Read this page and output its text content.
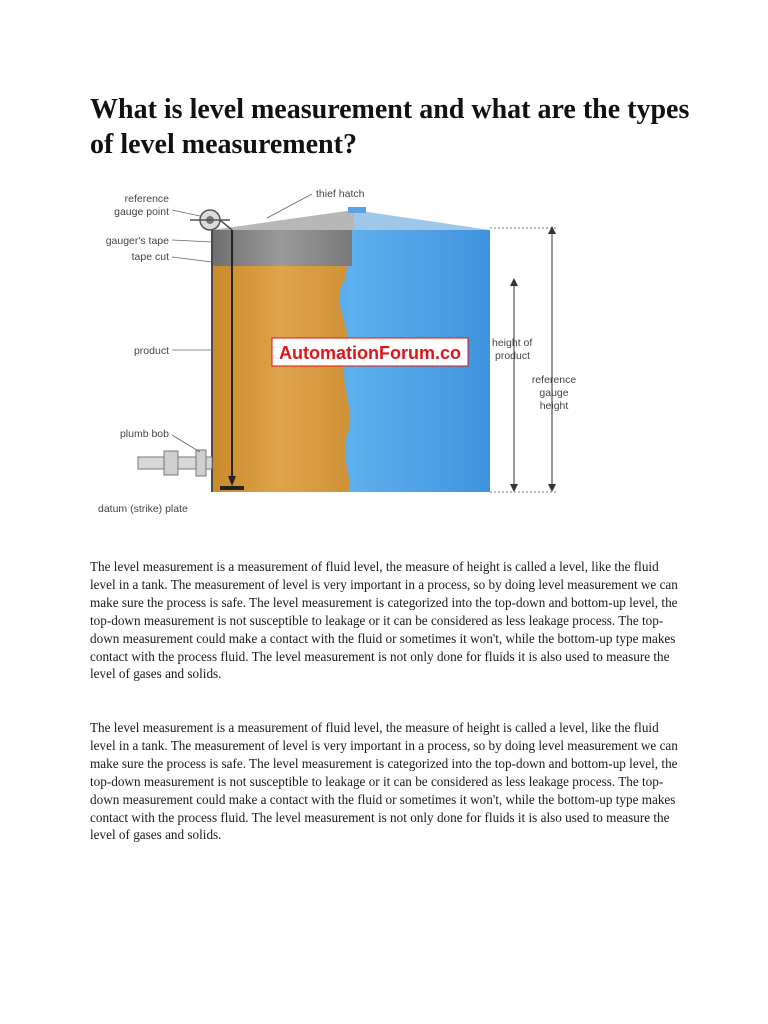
What is level measurement and what are the types of level measurement?
AutomationForum.co
reference
gauge point
thief hatch
gauger's tape
tape cut
product
plumb bob
datum (strike) plate
height of
product
reference
gauge
height

The level measurement is a measurement of fluid level, the measure of height is called a level, like the fluid level in a tank. The measurement of level is very important in a process, so by doing level measurement we can make sure the process is safe. The level measurement is categorized into the top-down and bottom-up level, the top-down measurement is not susceptible to leakage or it can be considered as less leakage process. The top-down measurement could make a contact with the fluid or sometimes it won't, while the bottom-up type makes contact with the process fluid. The level measurement is not only done for fluids it is also used to measure the level of gases and solids.

The level measurement is a measurement of fluid level, the measure of height is called a level, like the fluid level in a tank. The measurement of level is very important in a process, so by doing level measurement we can make sure the process is safe. The level measurement is categorized into the top-down and bottom-up level, the top-down measurement is not susceptible to leakage or it can be considered as less leakage process. The top-down measurement could make a contact with the fluid or sometimes it won't, while the bottom-up type makes contact with the process fluid. The level measurement is not only done for fluids it is also used to measure the level of gases and solids.
